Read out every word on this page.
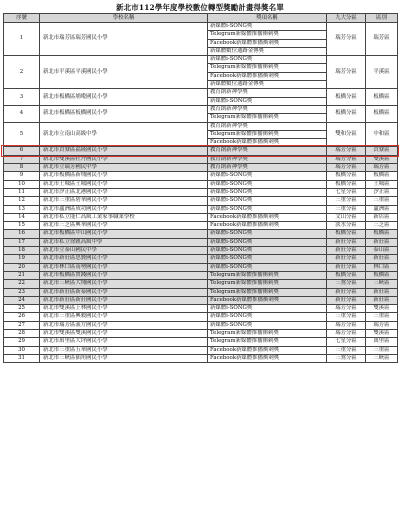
新北市112學年度學校數位轉型獎勵計畫得獎名單
序號	學校名稱	獎項名稱	九大分區	區別
1	新北市瑞芳區瑞芳國民小學	新媒體i-SONG獎	瑞芳分區	瑞芳區
		Telegram新媒體推播衝刺獎		
		Facebook新媒體推播衝刺獎		
		新媒體數位通路金傳獎		
2	新北市平溪區平溪國民小學	新媒體i-SONG獎	瑞芳分區	平溪區
		Telegram新媒體推播衝刺獎		
		Facebook新媒體推播衝刺獎		
		新媒體數位通路金傳獎		
3	新北市板橋區埔墘國民小學	教育創新神學獎	板橋分區	板橋區
		新媒體i-SONG獎		
4	新北市板橋區板橋國民小學	教育創新神學獎	板橋分區	板橋區
		Telegram新媒體推播衝刺獎		
5	新北市立南山高級中學	教育創新神學獎	雙和分區	中和區
		Telegram新媒體推播衝刺獎		
		Facebook新媒體推播衝刺獎		
6	新北市貢寮區福隆國民小學	教育創新神學獎	瑞芳分區	貢寮區
7	新北市雙溪區牡丹國民小學	教育創新神學獎	瑞芳分區	雙溪區
8	新北市立瑞芳國民中學	教育創新神學獎	瑞芳分區	瑞芳區
9	新北市板橋區新埔國民小學	新媒體i-SONG獎	板橋分區	板橋區
10	新北市土城區土城國民小學	新媒體i-SONG獎	板橋分區	土城區
11	新北市汐止區北港國民小學	新媒體i-SONG獎	七星分區	汐止區
12	新北市三重區碧華國民小學	新媒體i-SONG獎	三重分區	三重區
13	新北市蘆洲區成功國民小學	新媒體i-SONG獎	三重分區	蘆洲區
14	新北市私立能仁高級工業家事職業學校	Facebook新媒體推播衝刺獎	文山分區	新店區
15	新北市三芝區興華國民小學	Facebook新媒體推播衝刺獎	淡水分區	三芝區
16	新北市板橋區中山國民小學	新媒體i-SONG獎	板橋分區	板橋區
17	新北市私立徐匯高級中學	新媒體i-SONG獎	新莊分區	新莊區
18	新北市立泰山國民中學	新媒體i-SONG獎	新莊分區	泰山區
19	新北市新莊區思賢國民小學	新媒體i-SONG獎	新莊分區	新莊區
20	新北市林口區南勢國民小學	新媒體i-SONG獎	新莊分區	林口區
21	新北市板橋區實踐國民小學	Telegram新媒體推播衝刺獎	板橋分區	板橋區
22	新北市三峽區大埔國民小學	Telegram新媒體推播衝刺獎	三鶯分區	三峽區
23	新北市新莊區新泰國民小學	Telegram新媒體推播衝刺獎	新莊分區	新莊區
24	新北市新莊區新莊國民小學	Facebook新媒體推播衝刺獎	新莊分區	新莊區
25	新北市雙溪區上林國民小學	新媒體i-SONG獎	瑞芳分區	雙溪區
26	新北市三重區興穀國民小學	新媒體i-SONG獎	三重分區	三重區
27	新北市瑞芳區義方國民小學	新媒體i-SONG獎	瑞芳分區	瑞芳區
28	新北市雙溪區雙溪國民小學	Telegram新媒體推播衝刺獎	瑞芳分區	雙溪區
29	新北市萬里區大坪國民小學	Telegram新媒體推播衝刺獎	七星分區	萬里區
30	新北市三重區五華國民小學	Facebook新媒體推播衝刺獎	三重分區	三重區
31	新北市三峽區插角國民小學	Facebook新媒體推播衝刺獎	三鶯分區	三峽區
